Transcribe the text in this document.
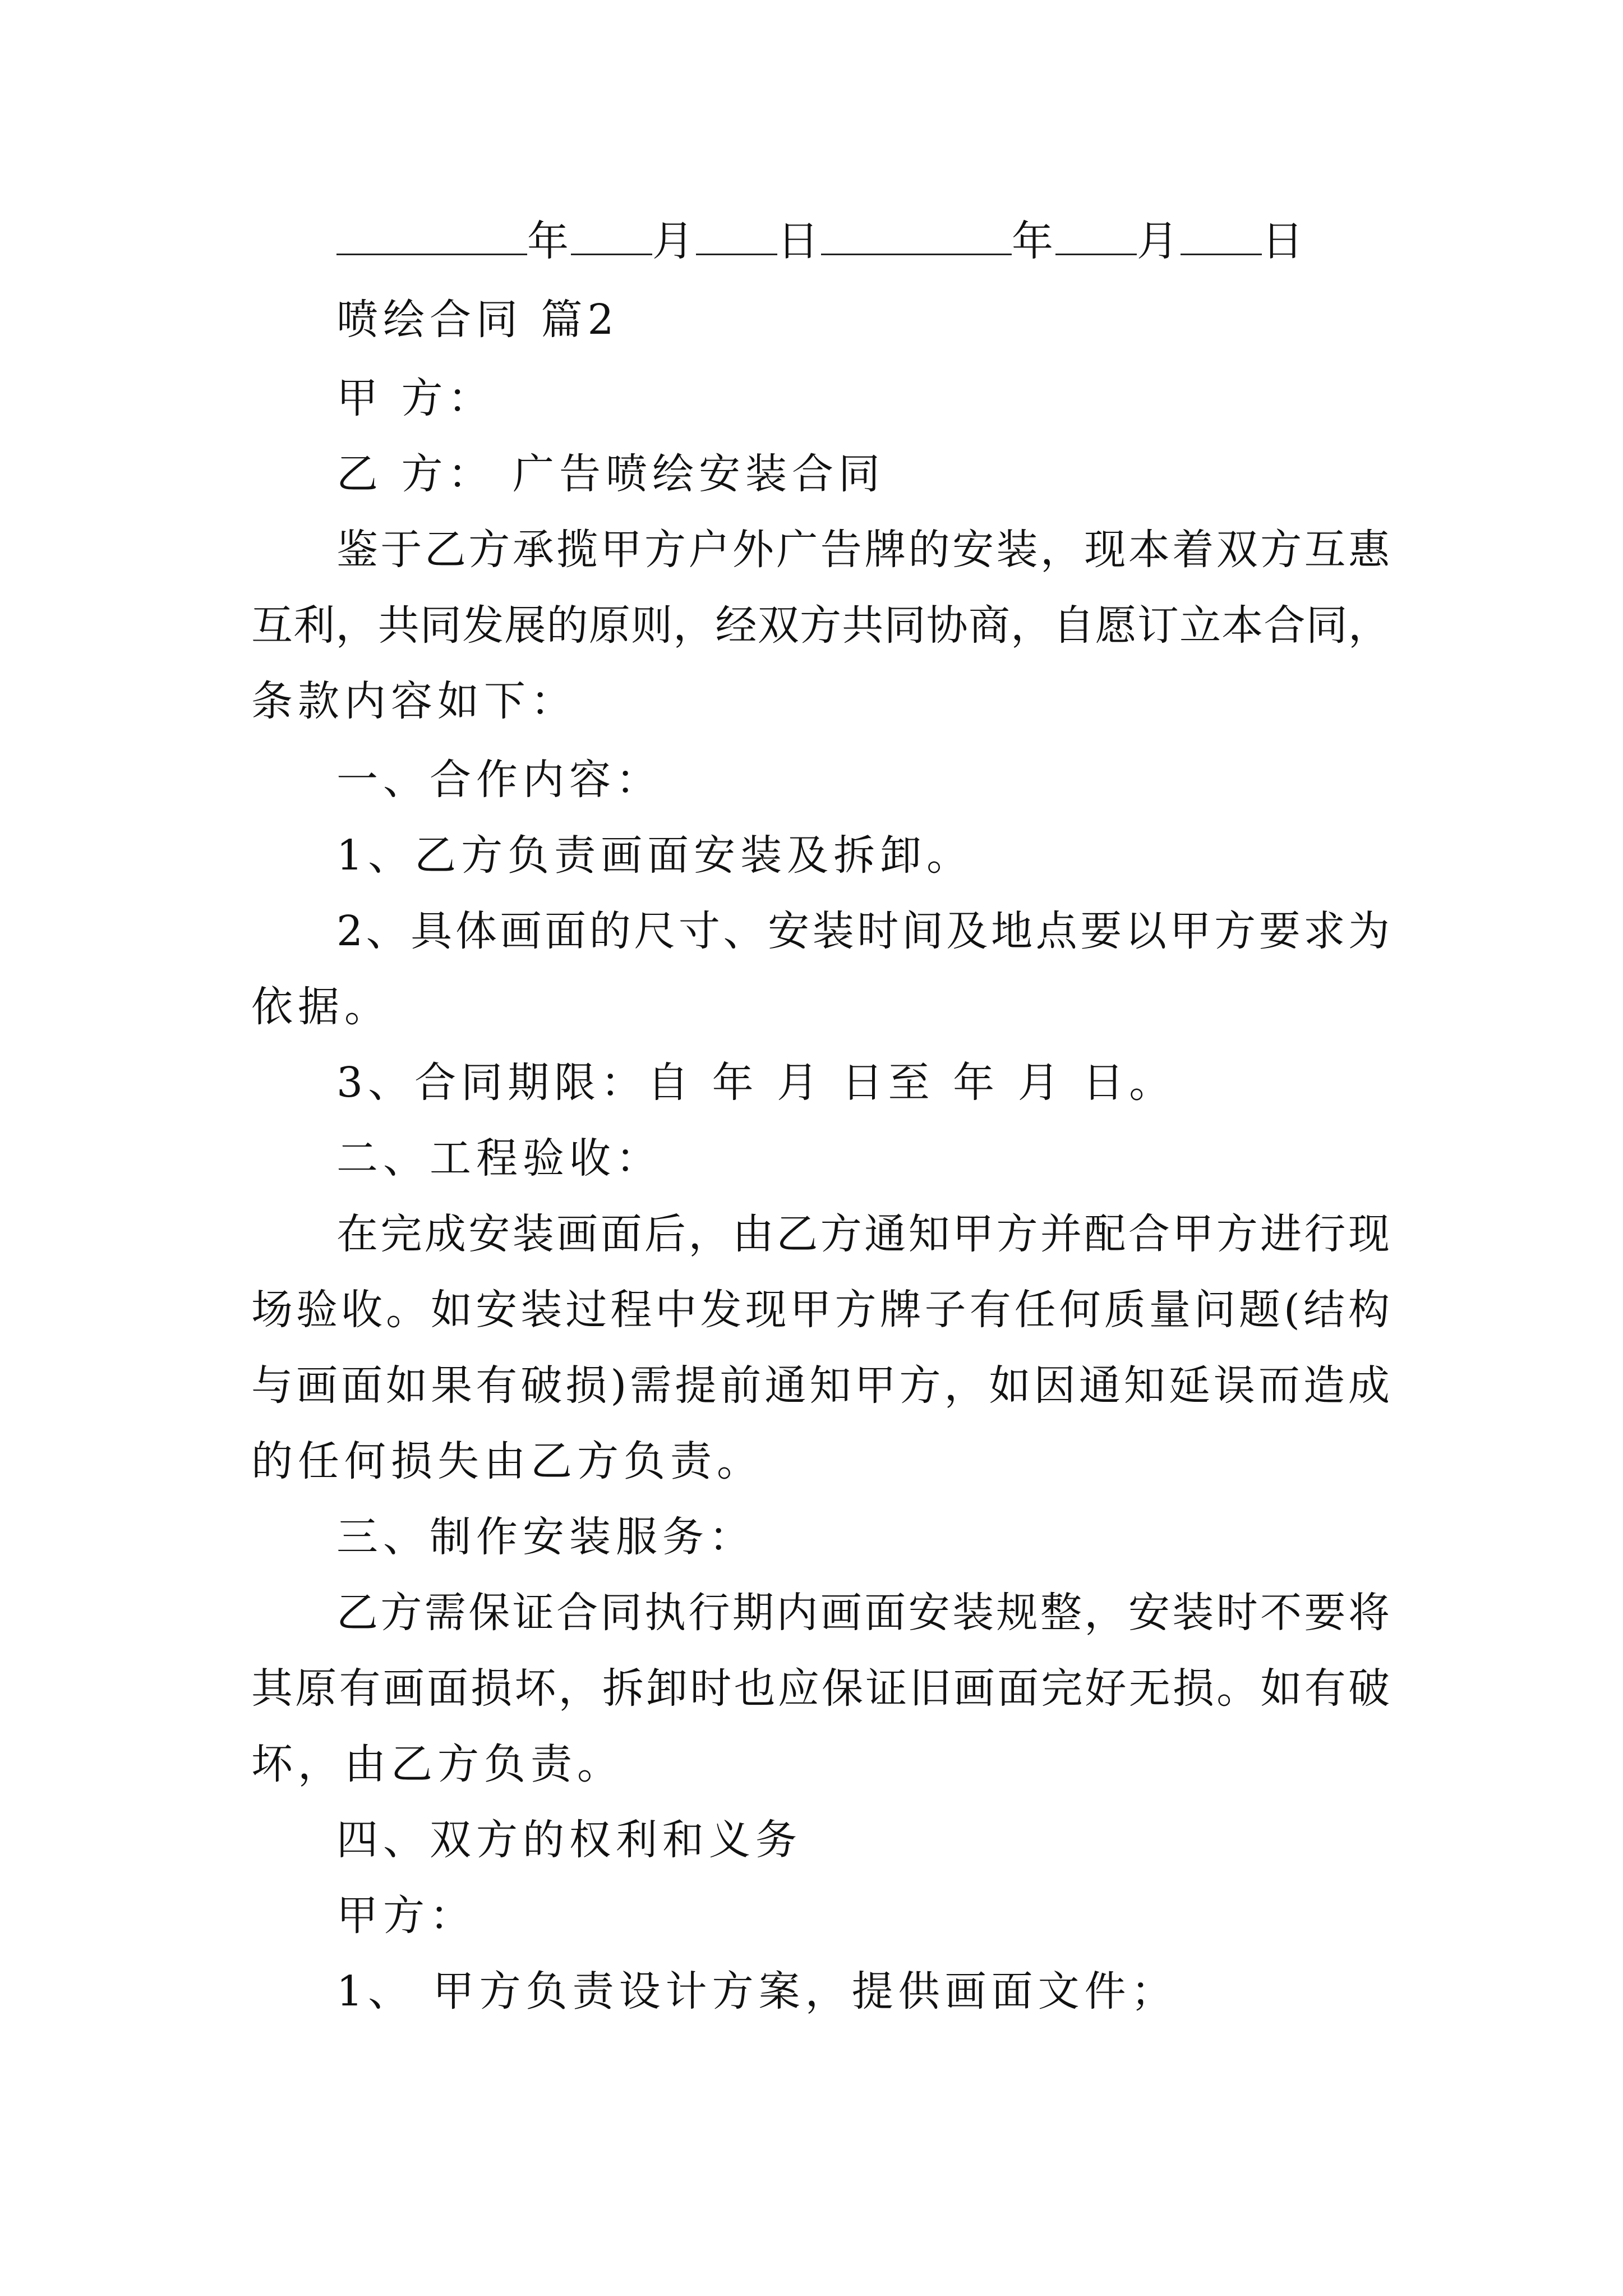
年 月 日	年 月 日
喷绘合同 篇2
甲 方：
乙 方： 广告喷绘安装合同
鉴于乙方承揽甲方户外广告牌的安装，现本着双方互惠
互利，共同发展的原则，经双方共同协商，自愿订立本合同，
条款内容如下：
一、合作内容：
1、乙方负责画面安装及拆卸。
2、具体画面的尺寸、安装时间及地点要以甲方要求为
依据。
3、合同期限：自 年 月 日至 年 月 日。
二、工程验收：
在完成安装画面后，由乙方通知甲方并配合甲方进行现
场验收。如安装过程中发现甲方牌子有任何质量问题(结构
与画面如果有破损)需提前通知甲方，如因通知延误而造成
的任何损失由乙方负责。
三、制作安装服务：
乙方需保证合同执行期内画面安装规整，安装时不要将
其原有画面损坏，拆卸时也应保证旧画面完好无损。如有破
坏，由乙方负责。
四、双方的权利和义务
甲方：
1、 甲方负责设计方案，提供画面文件；
